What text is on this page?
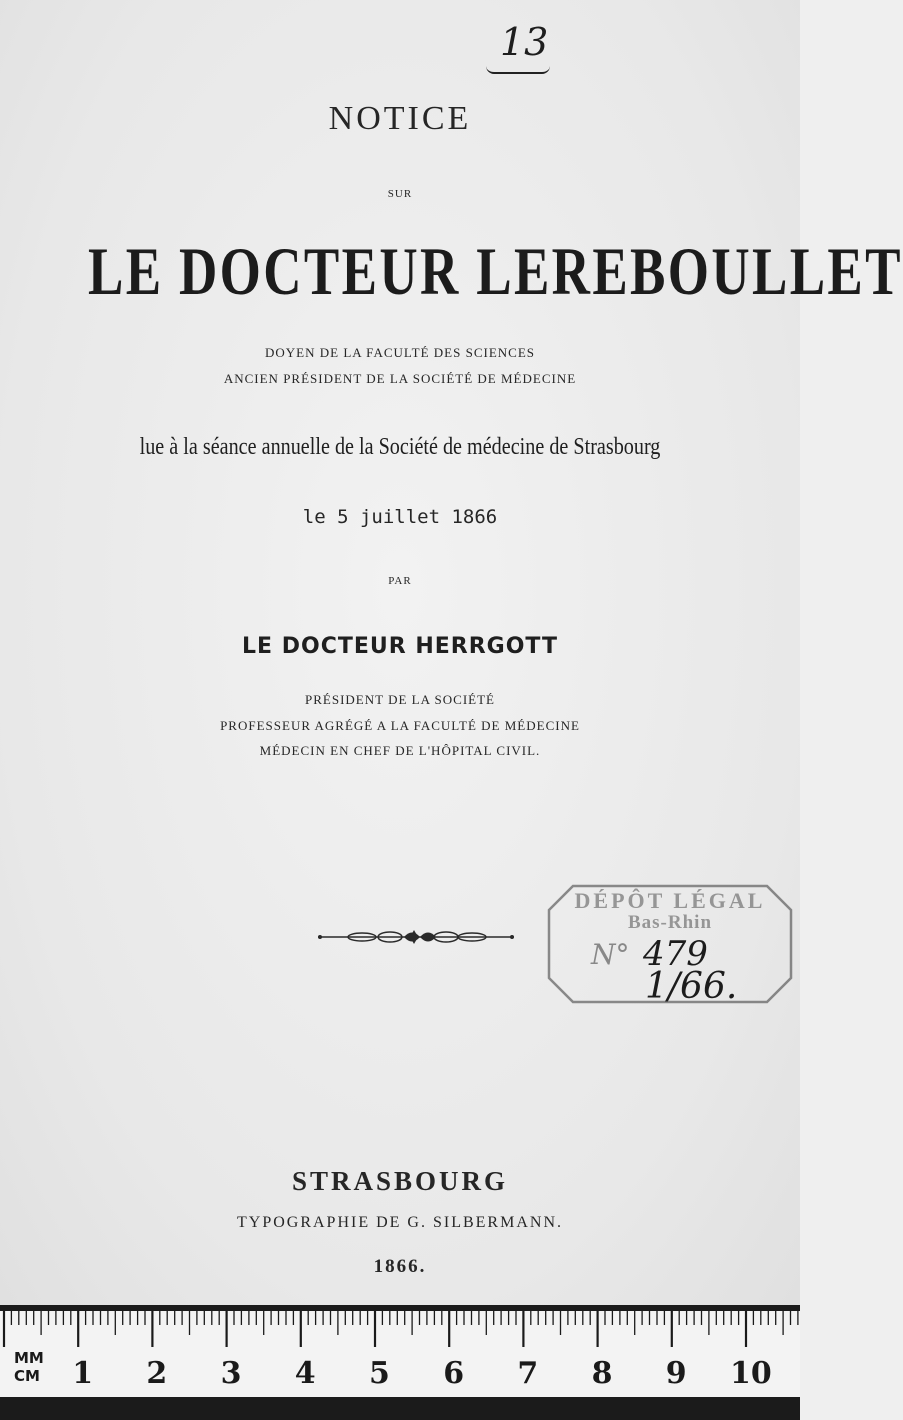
13
NOTICE
SUR
LE DOCTEUR LEREBOULLET
DOYEN DE LA FACULTÉ DES SCIENCES
ANCIEN PRÉSIDENT DE LA SOCIÉTÉ DE MÉDECINE
lue à la séance annuelle de la Société de médecine de Strasbourg
le 5 juillet 1866
PAR
LE DOCTEUR HERRGOTT
PRÉSIDENT DE LA SOCIÉTÉ
PROFESSEUR AGRÉGÉ A LA FACULTÉ DE MÉDECINE
MÉDECIN EN CHEF DE L'HÔPITAL CIVIL.
DÉPÔT LÉGAL
Bas-Rhin
N° 479
1/66.
STRASBOURG
TYPOGRAPHIE DE G. SILBERMANN.
1866.
MM
CM 1 2 3 4 5 6 7 8 9 10
